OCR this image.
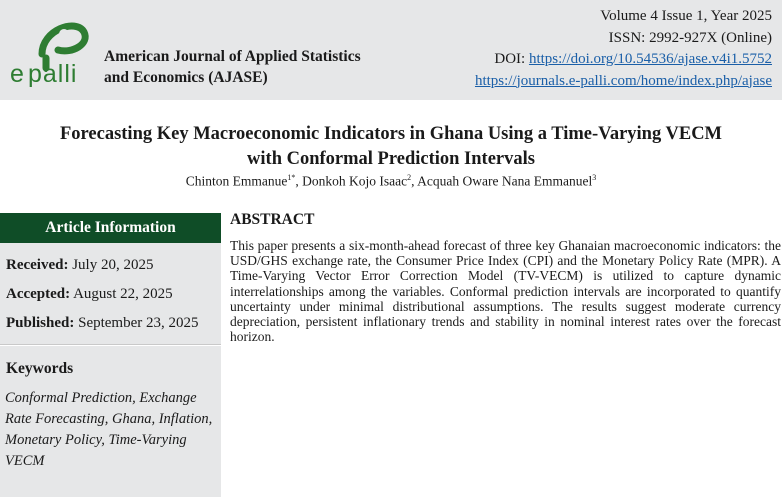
e palli
American Journal of Applied Statistics and Economics (AJASE)
Volume 4 Issue 1, Year 2025
ISSN: 2992-927X (Online)
DOI: https://doi.org/10.54536/ajase.v4i1.5752
https://journals.e-palli.com/home/index.php/ajase
Forecasting Key Macroeconomic Indicators in Ghana Using a Time-Varying VECM
with Conformal Prediction Intervals
Chinton Emmanue$^{1*}$, Donkoh Kojo Isaac$^2$, Acquah Oware Nana Emmanuel$^3$
Article Information
Received: July 20, 2025
Accepted: August 22, 2025
Published: September 23, 2025
Keywords
Conformal Prediction, Exchange Rate Forecasting, Ghana, Inflation, Monetary Policy, Time-Varying VECM
ABSTRACT
This paper presents a six-month-ahead forecast of three key Ghanaian macroeconomic indicators: the USD/GHS exchange rate, the Consumer Price Index (CPI) and the Monetary Policy Rate (MPR). A Time-Varying Vector Error Correction Model (TV-VECM) is utilized to capture dynamic interrelationships among the variables. Conformal prediction intervals are incorporated to quantify uncertainty under minimal distributional assumptions. The results suggest moderate currency depreciation, persistent inflationary trends and stability in nominal interest rates over the forecast horizon.
